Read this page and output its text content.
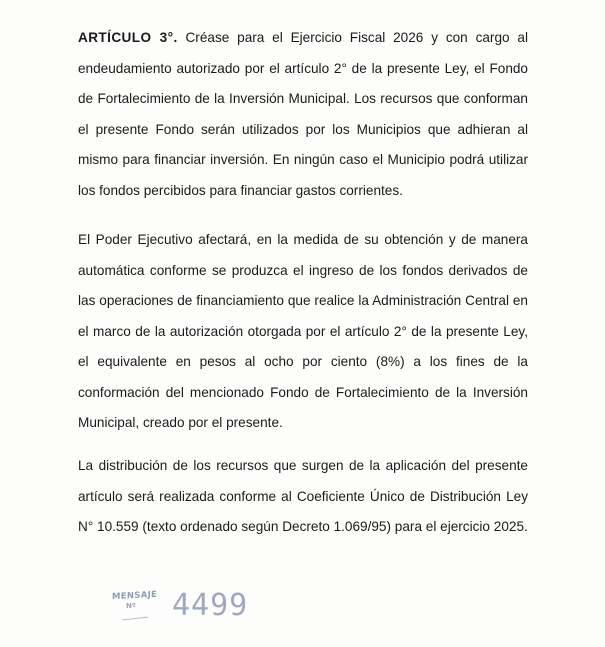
ARTÍCULO 3°. Créase para el Ejercicio Fiscal 2026 y con cargo al endeudamiento autorizado por el artículo 2° de la presente Ley, el Fondo de Fortalecimiento de la Inversión Municipal. Los recursos que conforman el presente Fondo serán utilizados por los Municipios que adhieran al mismo para financiar inversión. En ningún caso el Municipio podrá utilizar los fondos percibidos para financiar gastos corrientes.

El Poder Ejecutivo afectará, en la medida de su obtención y de manera automática conforme se produzca el ingreso de los fondos derivados de las operaciones de financiamiento que realice la Administración Central en el marco de la autorización otorgada por el artículo 2° de la presente Ley, el equivalente en pesos al ocho por ciento (8%) a los fines de la conformación del mencionado Fondo de Fortalecimiento de la Inversión Municipal, creado por el presente.

La distribución de los recursos que surgen de la aplicación del presente artículo será realizada conforme al Coeficiente Único de Distribución Ley N° 10.559 (texto ordenado según Decreto 1.069/95) para el ejercicio 2025.

MENSAJE
Nº 4499
